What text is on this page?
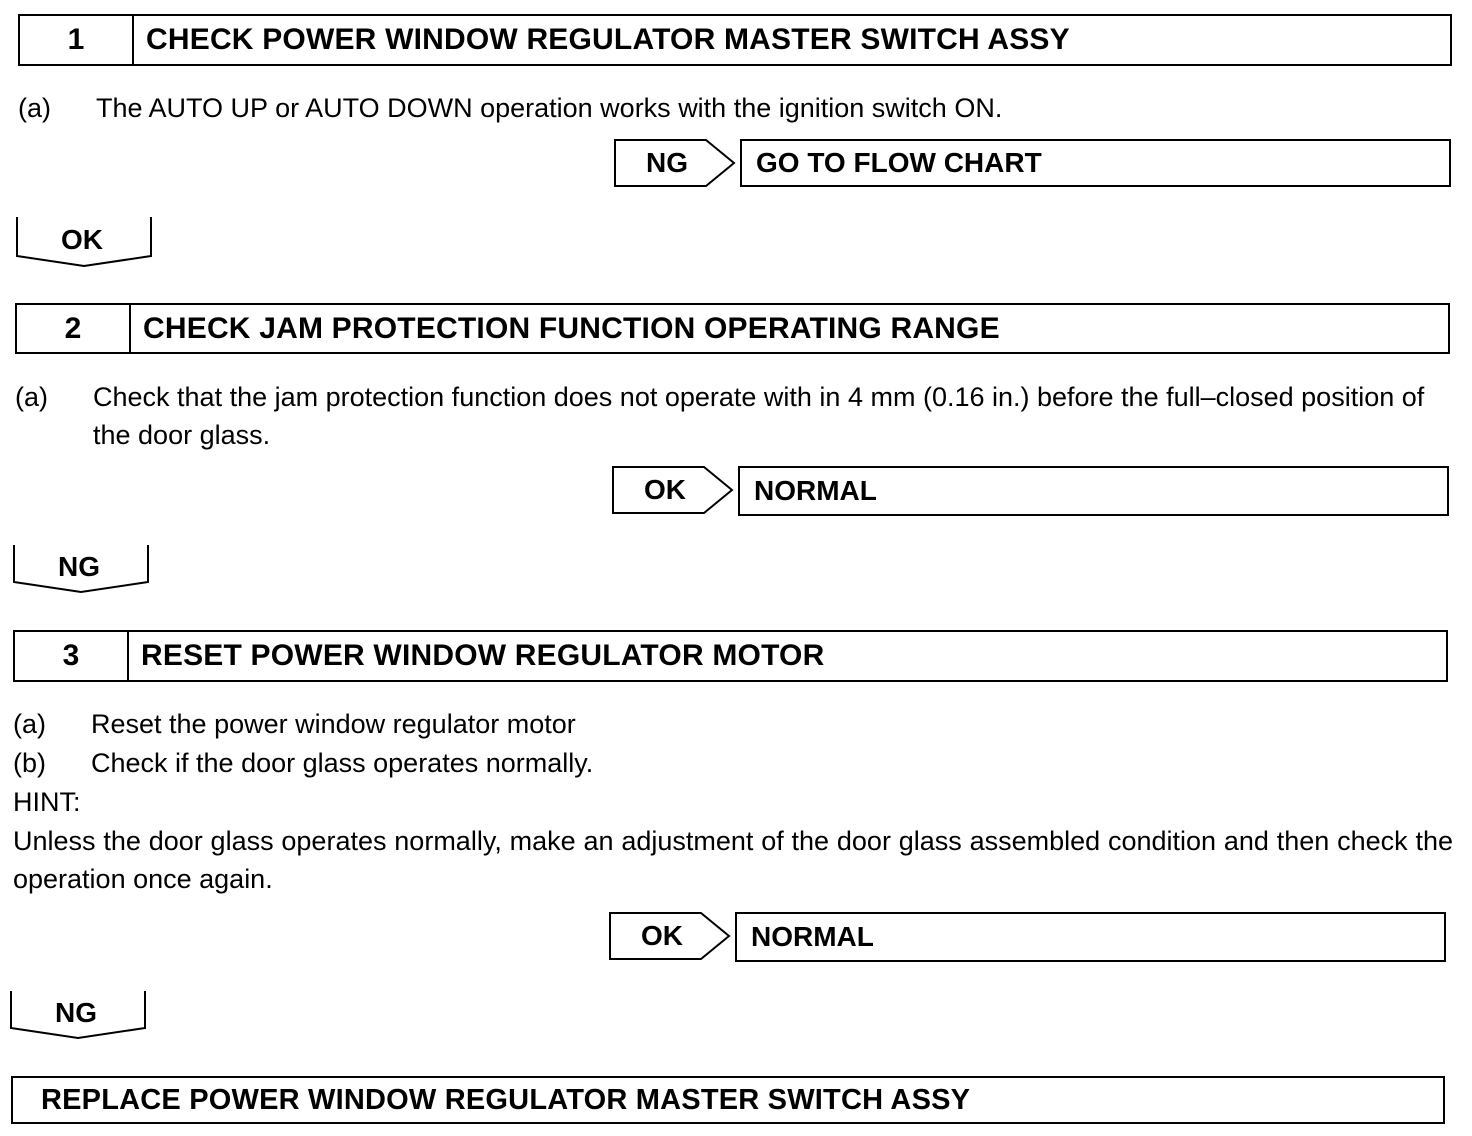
1	CHECK POWER WINDOW REGULATOR MASTER SWITCH ASSY
(a) The AUTO UP or AUTO DOWN operation works with the ignition switch ON.
NG	GO TO FLOW CHART
OK
2	CHECK JAM PROTECTION FUNCTION OPERATING RANGE
(a) Check that the jam protection function does not operate with in 4 mm (0.16 in.) before the full–closed position of the door glass.
OK	NORMAL
NG
3	RESET POWER WINDOW REGULATOR MOTOR
(a) Reset the power window regulator motor
(b) Check if the door glass operates normally.
HINT:
Unless the door glass operates normally, make an adjustment of the door glass assembled condition and then check the operation once again.
OK	NORMAL
NG
REPLACE POWER WINDOW REGULATOR MASTER SWITCH ASSY
